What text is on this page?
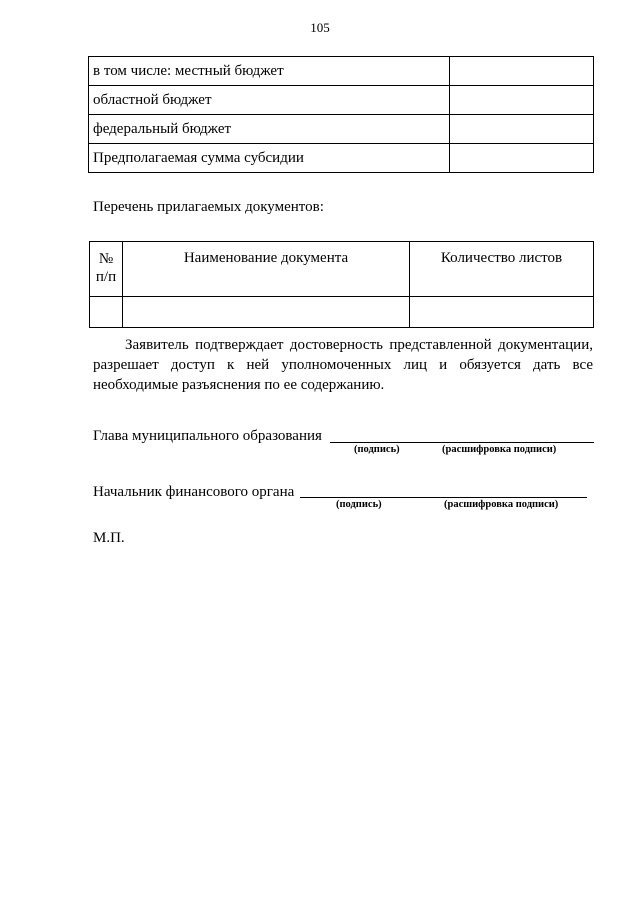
105
в том числе: местный бюджет	
областной бюджет	
федеральный бюджет	
Предполагаемая сумма субсидии	
Перечень прилагаемых документов:
№ п/п	Наименование документа	Количество листов

Заявитель подтверждает достоверность представленной документации, разрешает доступ к ней уполномоченных лиц и обязуется дать все необходимые разъяснения по ее содержанию.
Глава муниципального образования
(подпись)	(расшифровка подписи)
Начальник финансового органа
(подпись)	(расшифровка подписи)
М.П.
